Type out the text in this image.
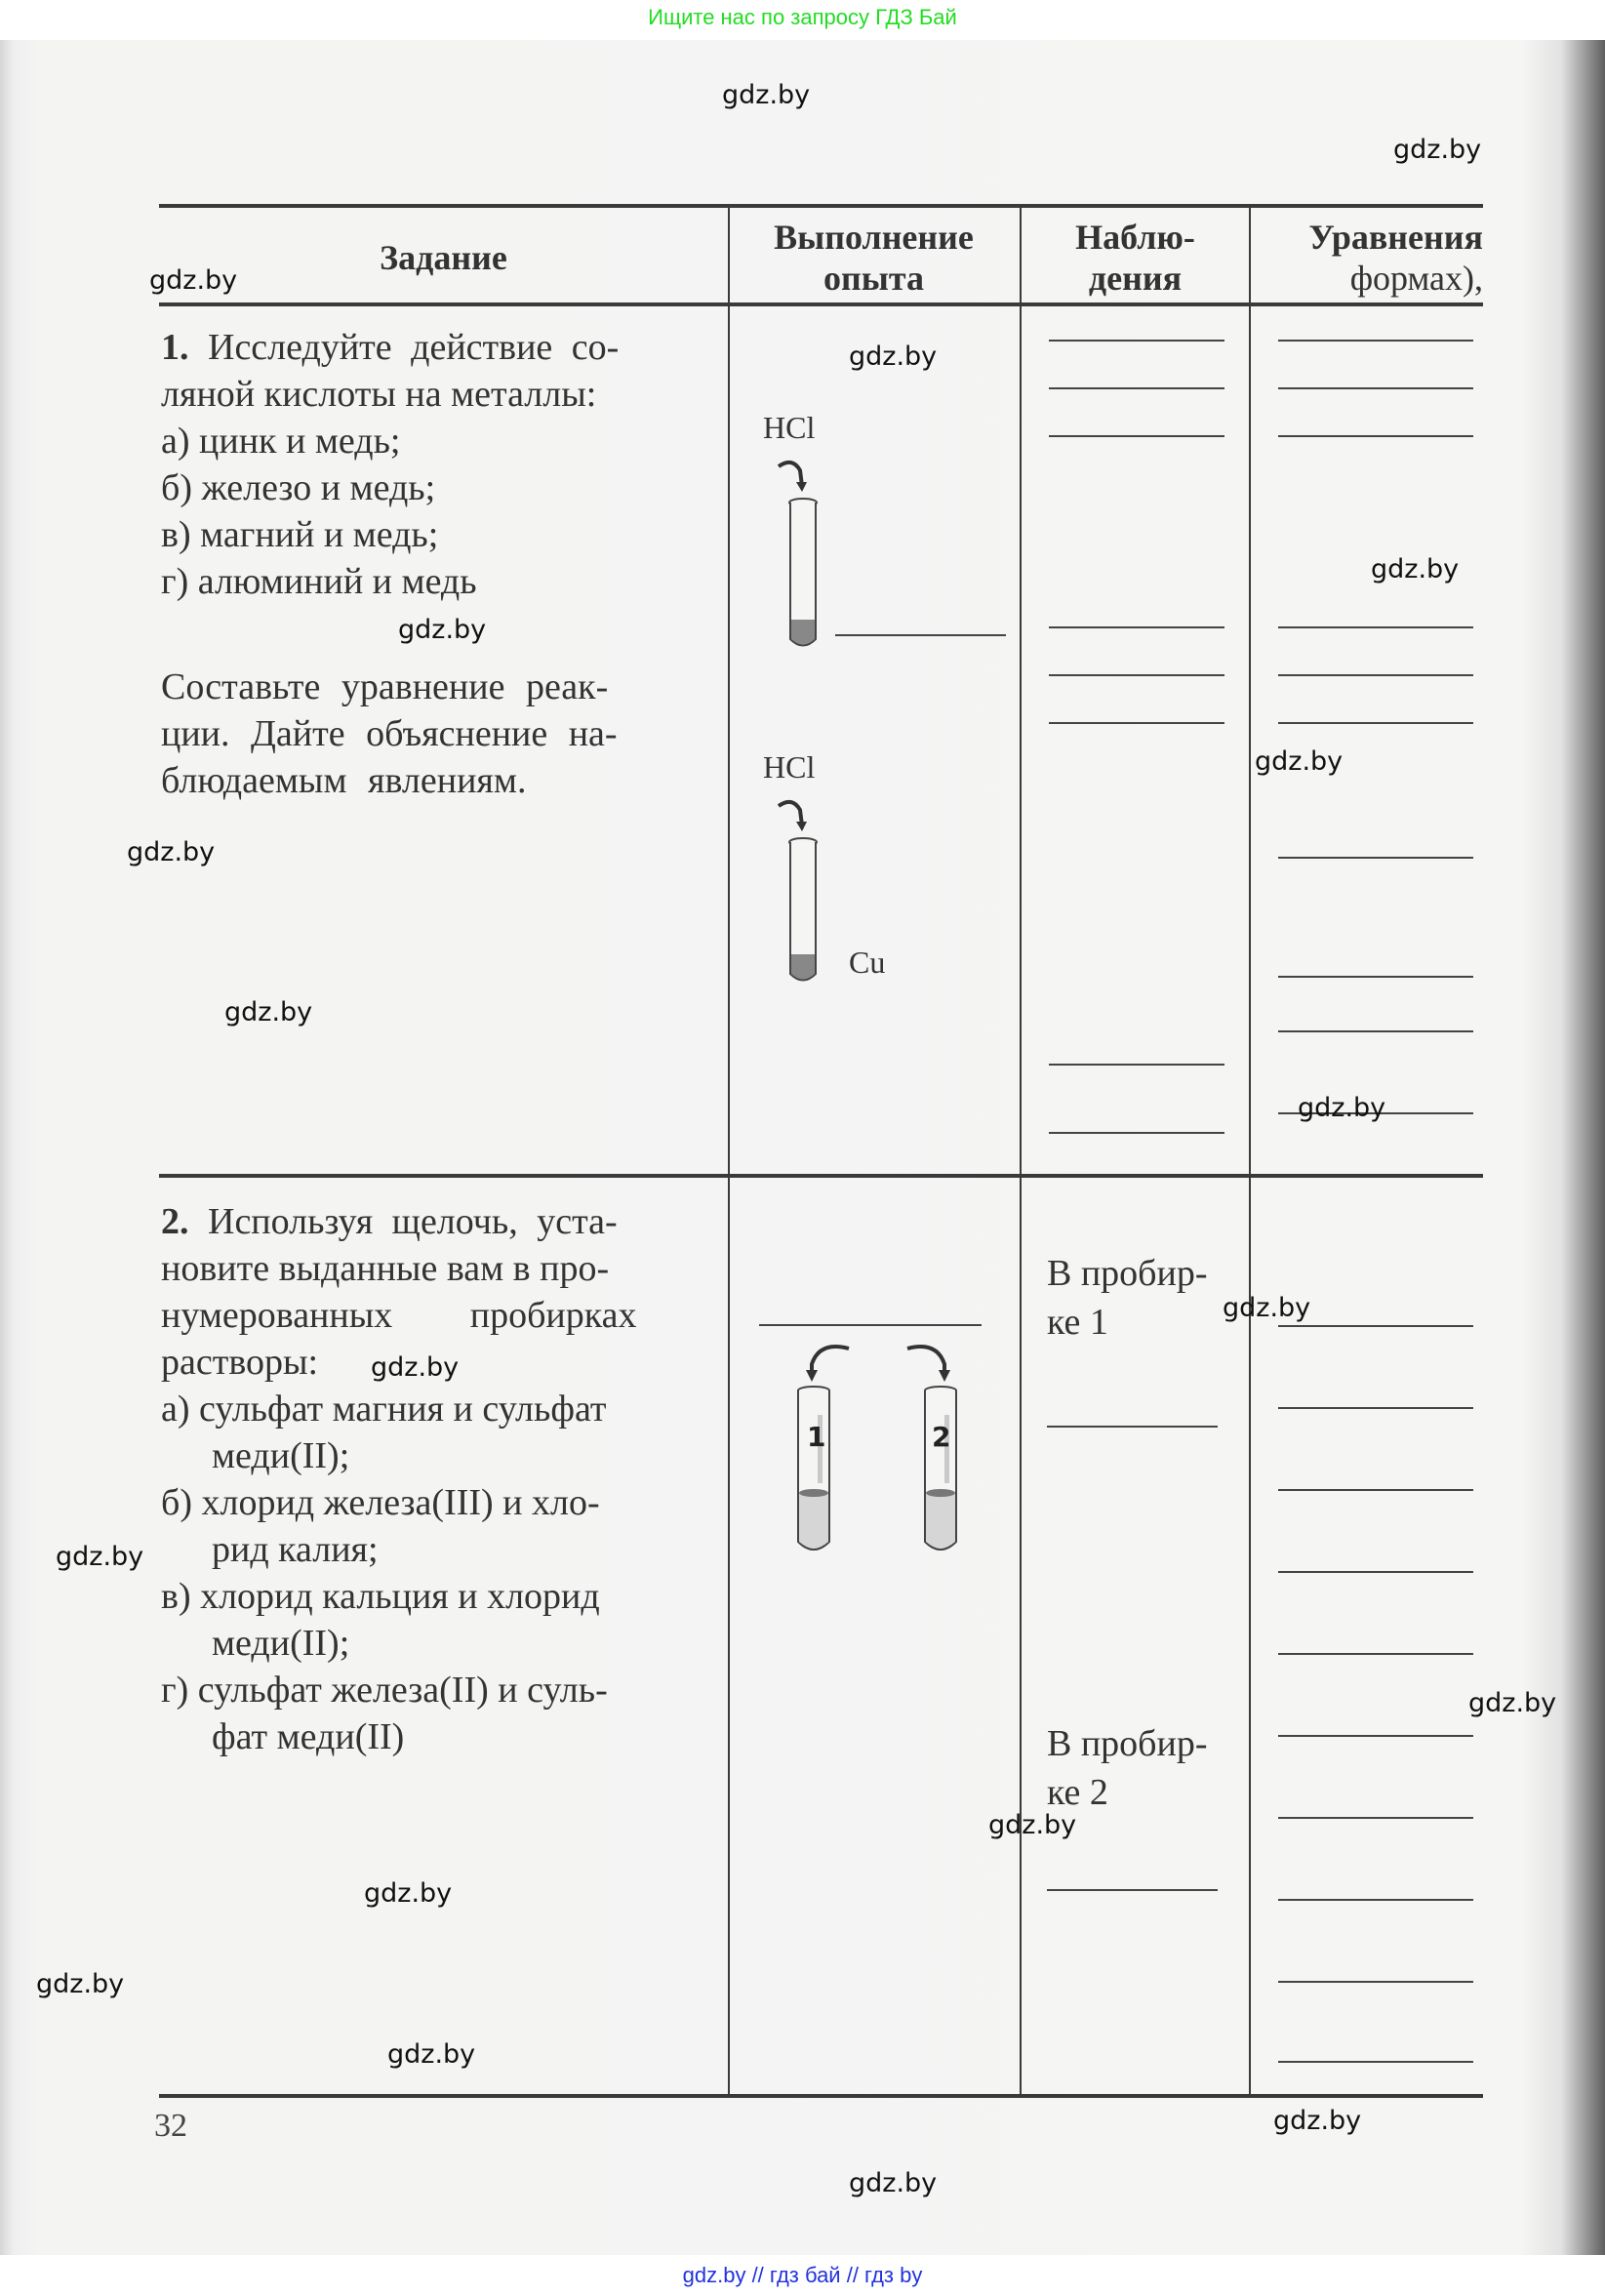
Ищите нас по запросу ГДЗ Бай
Задание
Выполнение
опыта
Наблю-
дения
Уравнения
формах),
1. Исследуйте действие со-
ляной кислоты на металлы:
а) цинк и медь;
б) железо и медь;
в) магний и медь;
г) алюминий и медь
Составьте уравнение реак-
ции. Дайте объяснение на-
блюдаемым явлениям.
HCl
HCl
Cu
2. Используя щелочь, уста-
новите выданные вам в про-
нумерованных пробирках
растворы:
а) сульфат магния и сульфат
меди(II);
б) хлорид железа(III) и хло-
рид калия;
в) хлорид кальция и хлорид
меди(II);
г) сульфат железа(II) и суль-
фат меди(II)
1	2
В пробир-
ке 1
В пробир-
ке 2
32
gdz.by
gdz.by
gdz.by
gdz.by
gdz.by
gdz.by
gdz.by
gdz.by
gdz.by
gdz.by
gdz.by
gdz.by
gdz.by
gdz.by
gdz.by
gdz.by
gdz.by
gdz.by
gdz.by
gdz.by
gdz.by // гдз бай // гдз by
